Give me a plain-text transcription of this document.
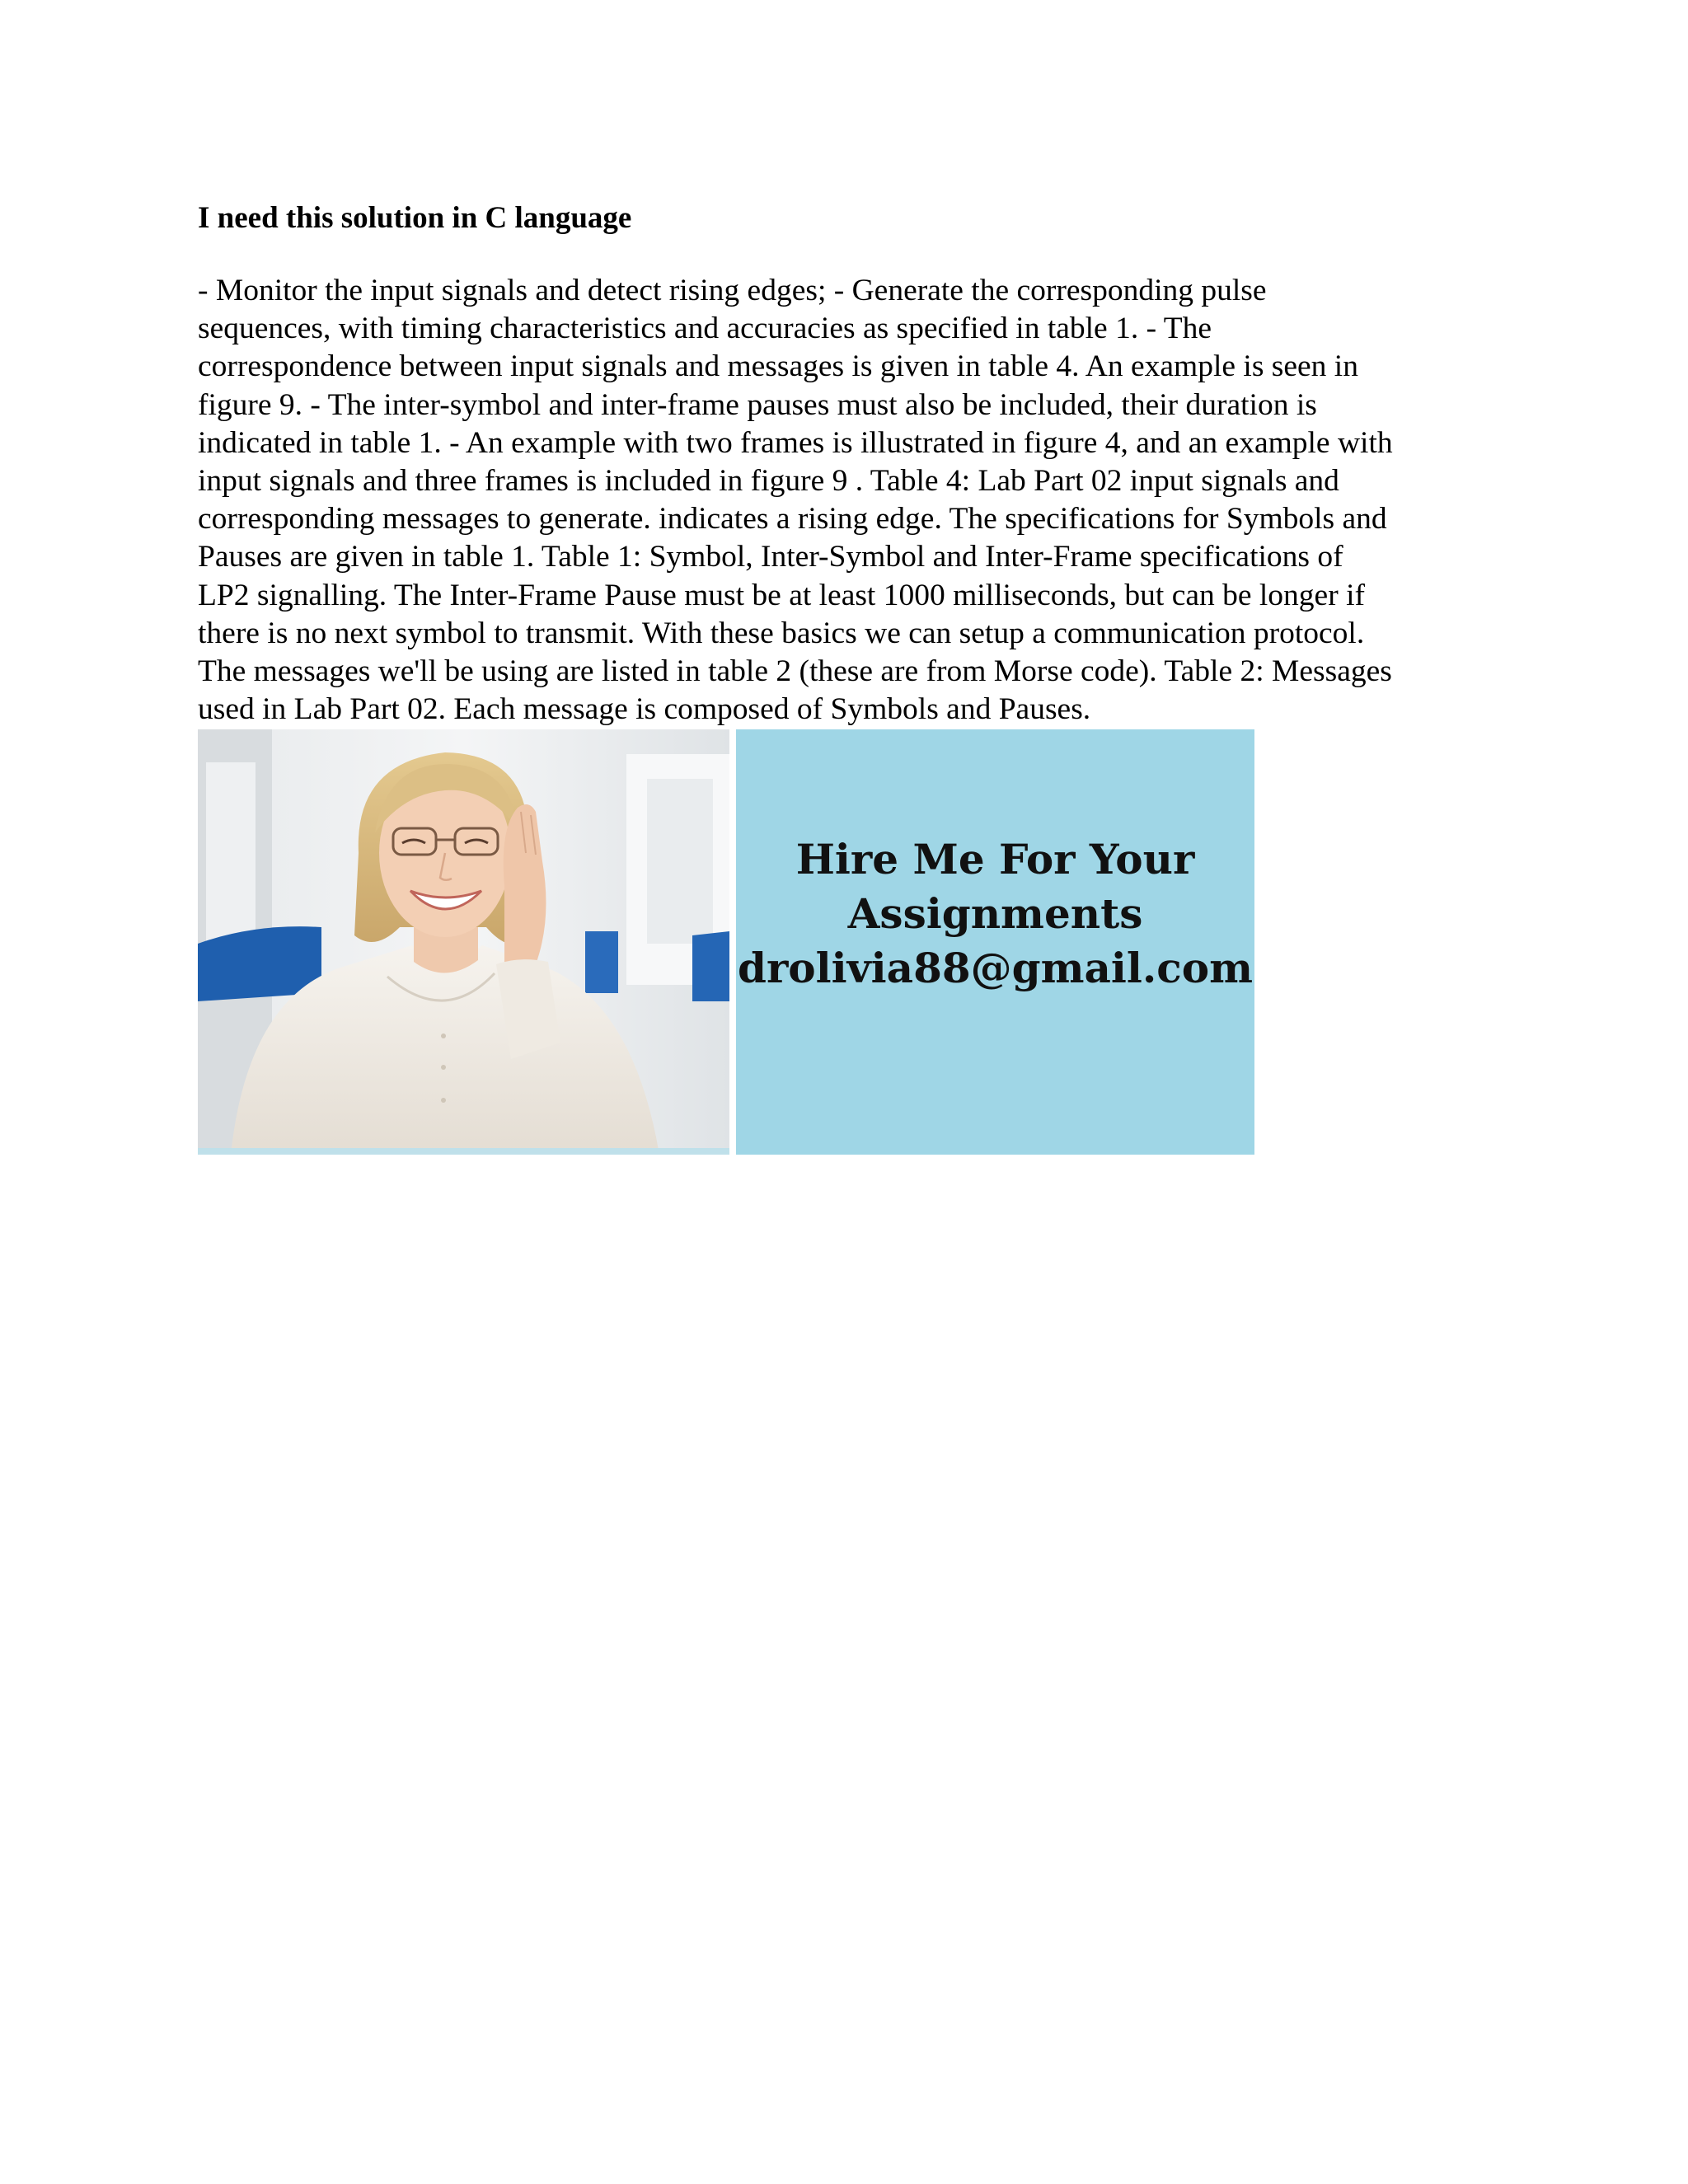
I need this solution in C language

- Monitor the input signals and detect rising edges; - Generate the corresponding pulse
sequences, with timing characteristics and accuracies as specified in table 1. - The
correspondence between input signals and messages is given in table 4. An example is seen in
figure 9. - The inter-symbol and inter-frame pauses must also be included, their duration is
indicated in table 1. - An example with two frames is illustrated in figure 4, and an example with
input signals and three frames is included in figure 9 . Table 4: Lab Part 02 input signals and
corresponding messages to generate. indicates a rising edge. The specifications for Symbols and
Pauses are given in table 1. Table 1: Symbol, Inter-Symbol and Inter-Frame specifications of
LP2 signalling. The Inter-Frame Pause must be at least 1000 milliseconds, but can be longer if
there is no next symbol to transmit. With these basics we can setup a communication protocol.
The messages we'll be using are listed in table 2 (these are from Morse code). Table 2: Messages
used in Lab Part 02. Each message is composed of Symbols and Pauses.

Hire Me For Your
Assignments
drolivia88@gmail.com
